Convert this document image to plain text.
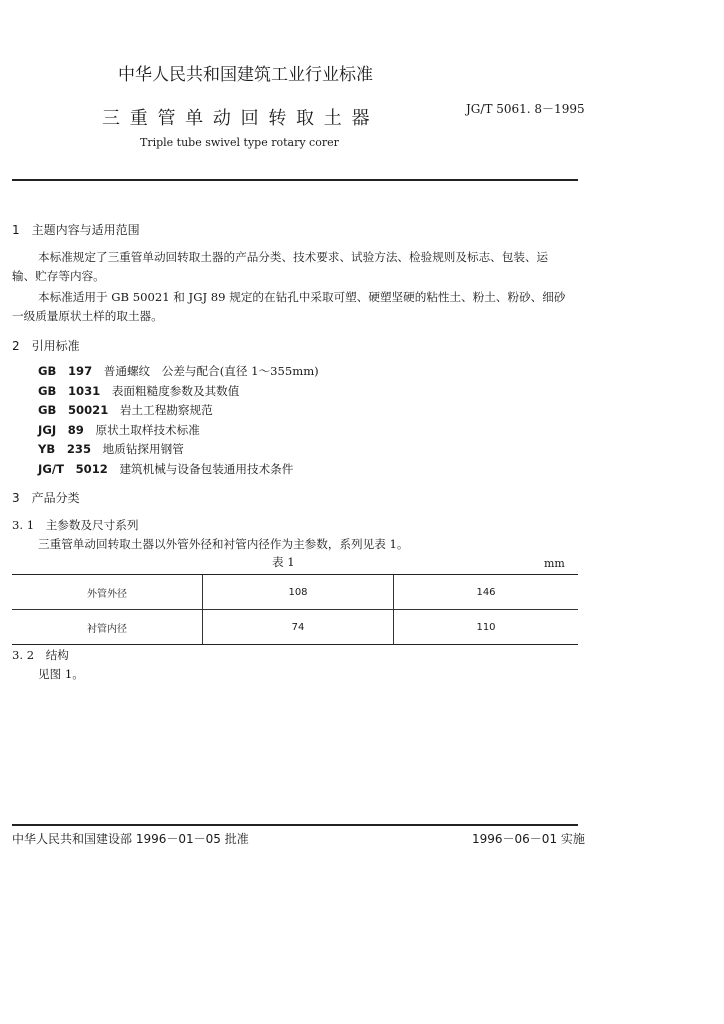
中华人民共和国建筑工业行业标准
三 重 管 单 动 回 转 取 土 器	JG/T 5061. 8－1995
Triple tube swivel type rotary corer
1　主题内容与适用范围
本标准规定了三重管单动回转取土器的产品分类、技术要求、试验方法、检验规则及标志、包装、运
输、贮存等内容。
本标准适用于 GB 50021 和 JGJ 89 规定的在钻孔中采取可塑、硬塑坚硬的粘性土、粉土、粉砂、细砂
一级质量原状土样的取土器。
2　引用标准
GB　197　 普通螺纹　公差与配合(直径 1～355mm)
GB　1031　 表面粗糙度参数及其数值
GB　50021　 岩土工程勘察规范
JGJ　89　 原状土取样技术标准
YB　235　 地质钻探用钢管
JG/T　5012　 建筑机械与设备包装通用技术条件
3　产品分类
3. 1　主参数及尺寸系列
三重管单动回转取土器以外管外径和衬管内径作为主参数，系列见表 1。
表 1	mm
外管外径	108	146
衬管内径	74	110
3. 2　结构
见图 1。
中华人民共和国建设部 1996－01－05 批准	1996－06－01 实施
